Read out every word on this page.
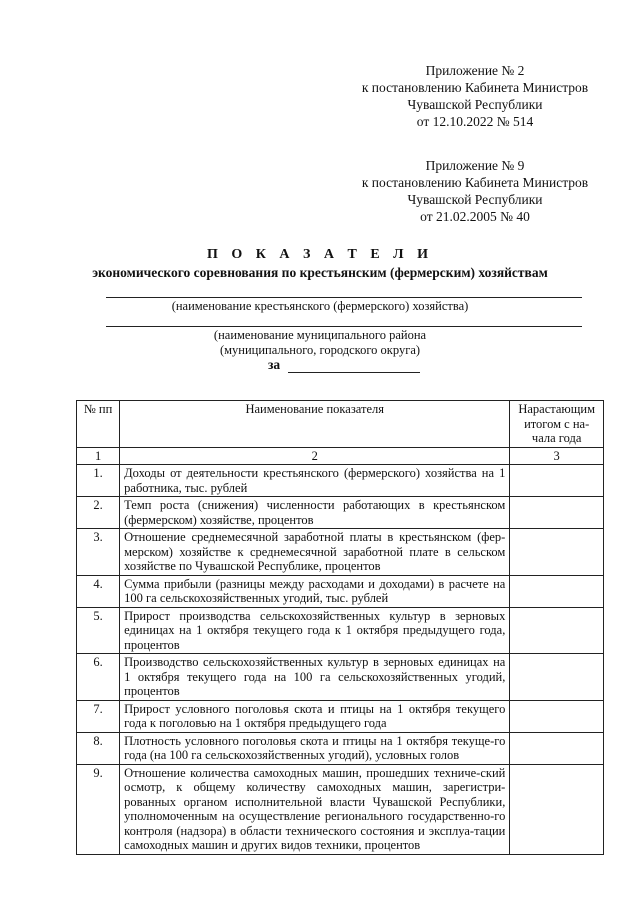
Приложение № 2
к постановлению Кабинета Министров
Чувашской Республики
от 12.10.2022 № 514
Приложение № 9
к постановлению Кабинета Министров
Чувашской Республики
от 21.02.2005 № 40
П О К А З А Т Е Л И
экономического соревнования по крестьянским (фермерским) хозяйствам
(наименование крестьянского (фермерского) хозяйства)
(наименование муниципального района
(муниципального, городского округа)
за
№ пп	Наименование показателя	Нарастающим итогом с на-чала года
1	2	3
1.	Доходы от деятельности крестьянского (фермерского) хозяйства на 1 работника, тыс. рублей	
2.	Темп роста (снижения) численности работающих в крестьянском (фермерском) хозяйстве, процентов	
3.	Отношение среднемесячной заработной платы в крестьянском (фер-мерском) хозяйстве к среднемесячной заработной плате в сельском хозяйстве по Чувашской Республике, процентов	
4.	Сумма прибыли (разницы между расходами и доходами) в расчете на 100 га сельскохозяйственных угодий, тыс. рублей	
5.	Прирост производства сельскохозяйственных культур в зерновых единицах на 1 октября текущего года к 1 октября предыдущего года, процентов	
6.	Производство сельскохозяйственных культур в зерновых единицах на 1 октября текущего года на 100 га сельскохозяйственных угодий, процентов	
7.	Прирост условного поголовья скота и птицы на 1 октября текущего года к поголовью на 1 октября предыдущего года	
8.	Плотность условного поголовья скота и птицы на 1 октября текуще-го года (на 100 га сельскохозяйственных угодий), условных голов	
9.	Отношение количества самоходных машин, прошедших техниче-ский осмотр, к общему количеству самоходных машин, зарегистри-рованных органом исполнительной власти Чувашской Республики, уполномоченным на осуществление регионального государственно-го контроля (надзора) в области технического состояния и эксплуа-тации самоходных машин и других видов техники, процентов	
